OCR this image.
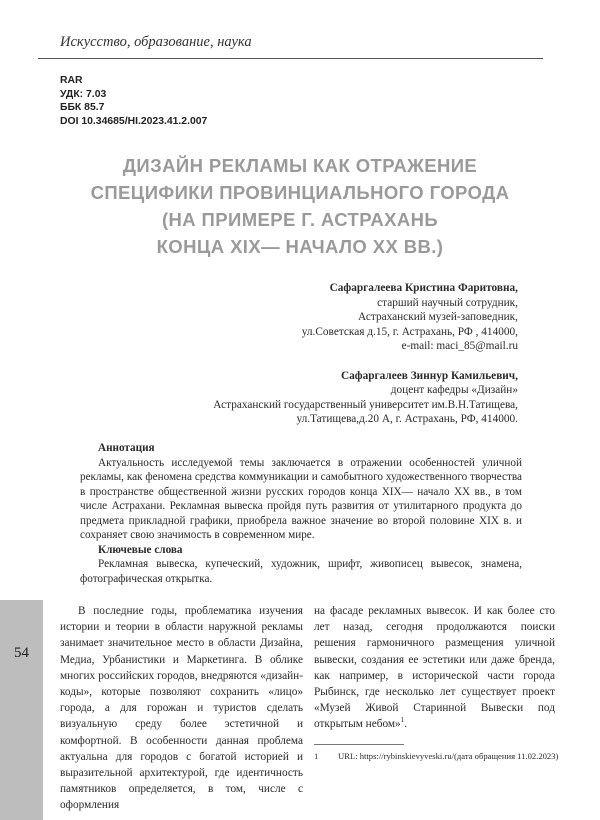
Искусство, образование, наука
RAR
УДК: 7.03
ББК 85.7
DOI 10.34685/HI.2023.41.2.007
ДИЗАЙН РЕКЛАМЫ КАК ОТРАЖЕНИЕ
СПЕЦИФИКИ ПРОВИНЦИАЛЬНОГО ГОРОДА
(НА ПРИМЕРЕ Г. АСТРАХАНЬ
КОНЦА XIX— НАЧАЛО XX ВВ.)
Сафаргалеева Кристина Фаритовна,
старший научный сотрудник,
Астраханский музей-заповедник,
ул.Советская д.15, г. Астрахань, РФ , 414000,
e-mail: maci_85@mail.ru
Сафаргалеев Зиннур Камильевич,
доцент кафедры «Дизайн»
Астраханский государственный университет им.В.Н.Татищева,
ул.Татищева,д.20 А, г. Астрахань, РФ, 414000.
Аннотация

Актуальность исследуемой темы заключается в отражении особенностей уличной рекламы, как феномена средства коммуникации и самобытного художественного творчества в пространстве общественной жизни русских городов конца XIX— начало XX вв., в том числе Астрахани. Рекламная вывеска пройдя путь развития от утилитарного продукта до предмета прикладной графики, приобрела важное значение во второй половине XIX в. и сохраняет свою значимость в современном мире.

Ключевые слова

Рекламная вывеска, купеческий, художник, шрифт, живописец вывесок, знамена, фотографическая открытка.

54
В последние годы, проблематика изучения истории и теории в области наружной рекламы занимает значительное место в области Дизайна, Медиа, Урбанистики и Маркетинга. В облике многих российских городов, внедряются «дизайн-коды», которые позволяют сохранить «лицо» города, а для горожан и туристов сделать визуальную среду более эстетичной и комфортной. В особенности данная проблема актуальна для городов с богатой историей и выразительной архитектурой, где идентичность памятников определяется, в том, числе с оформления
на фасаде рекламных вывесок. И как более сто лет назад, сегодня продолжаются поиски решения гармоничного размещения уличной вывески, создания ее эстетики или даже бренда, как например, в исторической части города Рыбинск, где несколько лет существует проект «Музей Живой Старинной Вывески под открытым небом»$^1$.
1 URL: https://rybinskievyveski.ru/(дата обращения 11.02.2023)
